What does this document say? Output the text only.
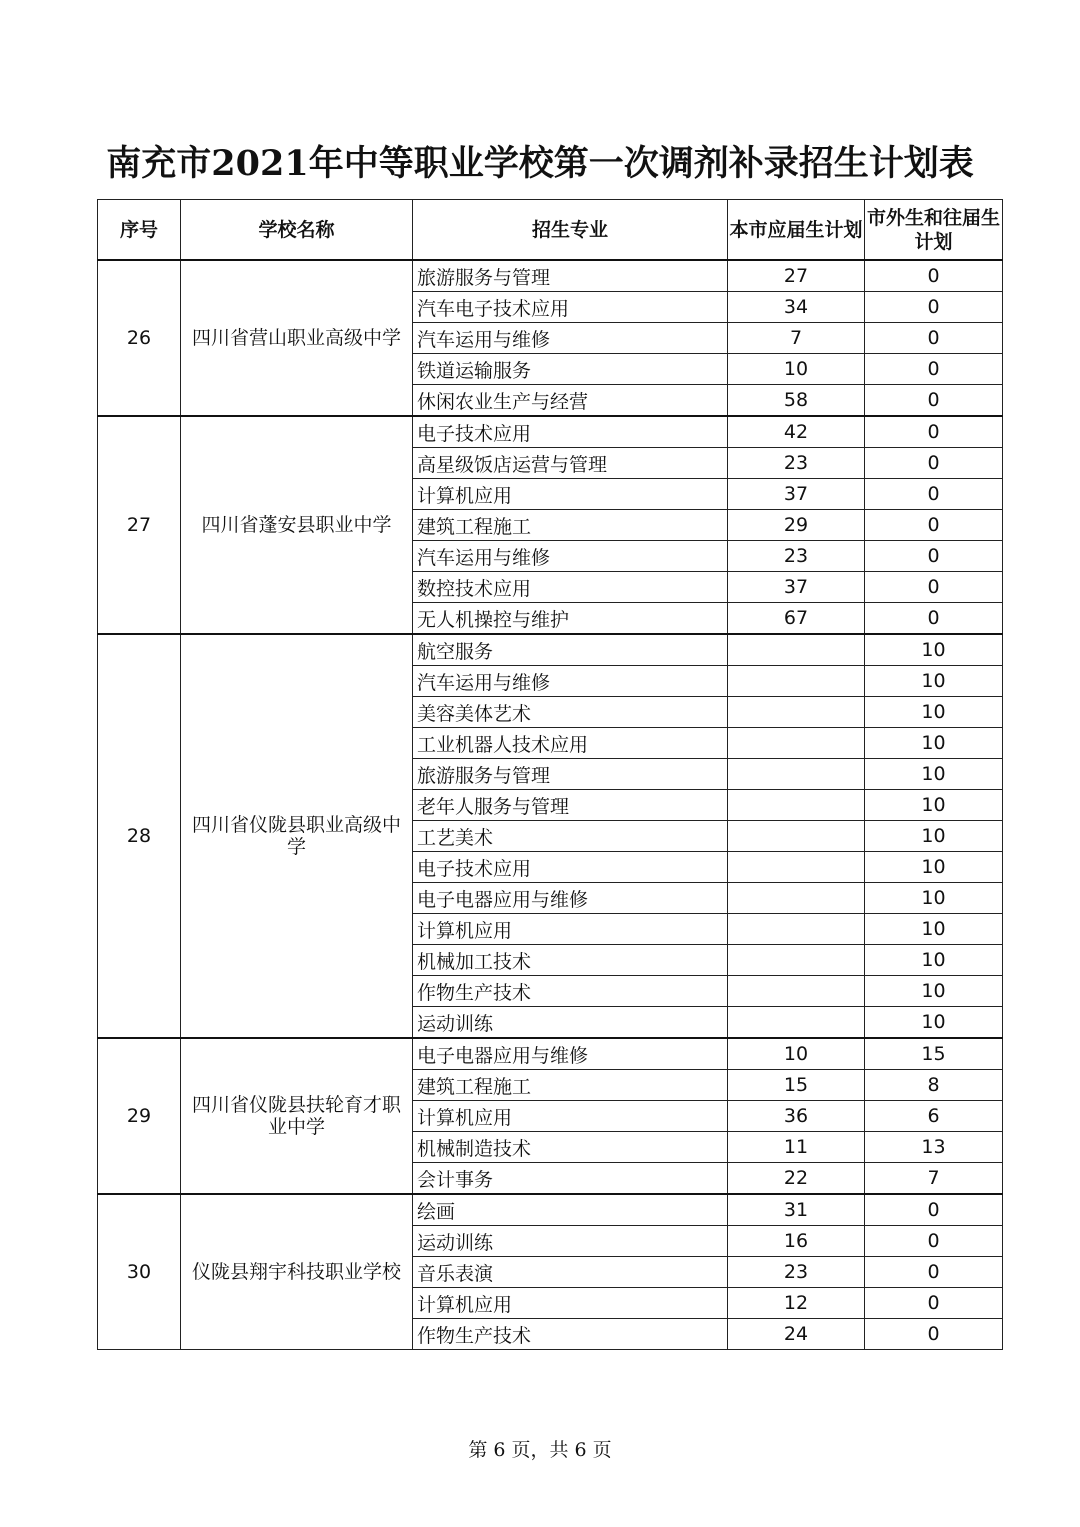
南充市2021年中等职业学校第一次调剂补录招生计划表
序号	学校名称	招生专业	本市应届生计划	市外生和往届生计划
26	四川省营山职业高级中学	旅游服务与管理	27	0
		汽车电子技术应用	34	0
		汽车运用与维修	7	0
		铁道运输服务	10	0
		休闲农业生产与经营	58	0
27	四川省蓬安县职业中学	电子技术应用	42	0
		高星级饭店运营与管理	23	0
		计算机应用	37	0
		建筑工程施工	29	0
		汽车运用与维修	23	0
		数控技术应用	37	0
		无人机操控与维护	67	0
28	四川省仪陇县职业高级中学	航空服务		10
		汽车运用与维修		10
		美容美体艺术		10
		工业机器人技术应用		10
		旅游服务与管理		10
		老年人服务与管理		10
		工艺美术		10
		电子技术应用		10
		电子电器应用与维修		10
		计算机应用		10
		机械加工技术		10
		作物生产技术		10
		运动训练		10
29	四川省仪陇县扶轮育才职业中学	电子电器应用与维修	10	15
		建筑工程施工	15	8
		计算机应用	36	6
		机械制造技术	11	13
		会计事务	22	7
30	仪陇县翔宇科技职业学校	绘画	31	0
		运动训练	16	0
		音乐表演	23	0
		计算机应用	12	0
		作物生产技术	24	0
第 6 页，共 6 页
